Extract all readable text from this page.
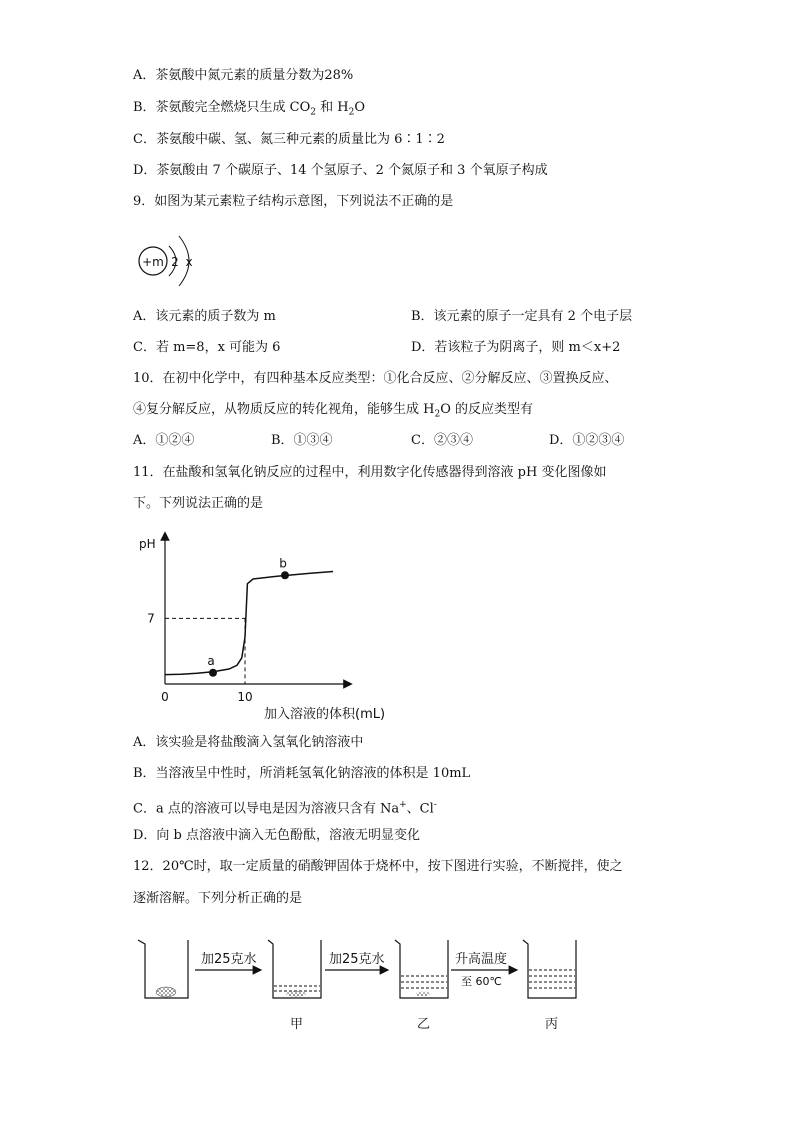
A．茶氨酸中氮元素的质量分数为28%
B．茶氨酸完全燃烧只生成 $CO_2$ 和 $H_2O$
C．茶氨酸中碳、氢、氮三种元素的质量比为 6∶1∶2
D．茶氨酸由 7 个碳原子、14 个氢原子、2 个氮原子和 3 个氧原子构成
9．如图为某元素粒子结构示意图，下列说法不正确的是
+m 2 x
A．该元素的质子数为 m	B．该元素的原子一定具有 2 个电子层
C．若 m=8，x 可能为 6	D．若该粒子为阴离子，则 m＜x+2
10．在初中化学中，有四种基本反应类型：①化合反应、②分解反应、③置换反应、
④复分解反应，从物质反应的转化视角，能够生成 $H_2O$ 的反应类型有
A．①②④	B．①③④	C．②③④	D．①②③④
11．在盐酸和氢氧化钠反应的过程中，利用数字化传感器得到溶液 pH 变化图像如
下。下列说法正确的是
pH
加入溶液的体积(mL)
0	10
7
a
b
A．该实验是将盐酸滴入氢氧化钠溶液中
B．当溶液呈中性时，所消耗氢氧化钠溶液的体积是 10mL
C．a 点的溶液可以导电是因为溶液只含有 Na+、Cl-
D．向 b 点溶液中滴入无色酚酞，溶液无明显变化
12．20℃时，取一定质量的硝酸钾固体于烧杯中，按下图进行实验，不断搅拌，使之
逐渐溶解。下列分析正确的是
加25克水
甲
加25克水
乙
升高温度
至 60℃
丙
